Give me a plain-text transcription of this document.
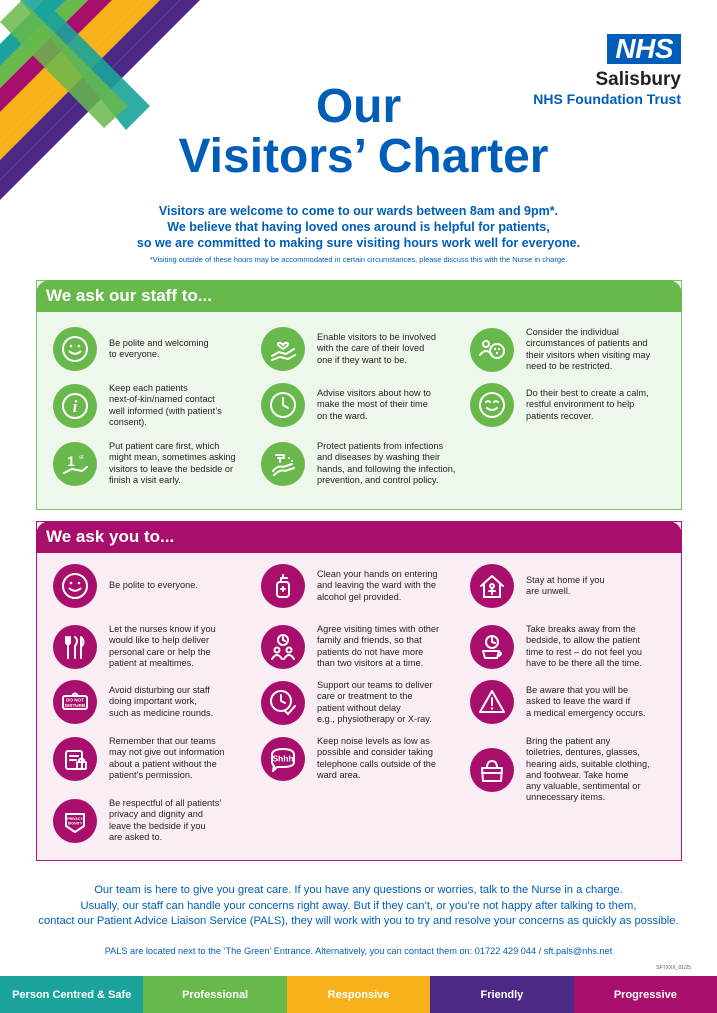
NHS
Salisbury
NHS Foundation Trust
Our
Visitors’ Charter
Visitors are welcome to come to our wards between 8am and 9pm*.
We believe that having loved ones around is helpful for patients,
so we are committed to making sure visiting hours work well for everyone.
*Visiting outside of these hours may be accommodated in certain circumstances, please discuss this with the Nurse in charge.
We ask our staff to...
Be polite and welcoming
to everyone.
Enable visitors to be involved
with the care of their loved
one if they want to be.
Consider the individual
circumstances of patients and
their visitors when visiting may
need to be restricted.
i
Keep each patients
next-of-kin/named contact
well informed (with patient’s
consent).
Advise visitors about how to
make the most of their time
on the ward.
Do their best to create a calm,
restful environment to help
patients recover.
1 st
Put patient care first, which
might mean, sometimes asking
visitors to leave the bedside or
finish a visit early.
Protect patients from infections
and diseases by washing their
hands, and following the infection,
prevention, and control policy.
We ask you to...
Be polite to everyone.
Clean your hands on entering
and leaving the ward with the
alcohol gel provided.
Stay at home if you
are unwell.
Let the nurses know if you
would like to help deliver
personal care or help the
patient at mealtimes.
Agree visiting times with other
family and friends, so that
patients do not have more
than two visitors at a time.
Take breaks away from the
bedside, to allow the patient
time to rest – do not feel you
have to be there all the time.
DO NOT
DISTURB
Avoid disturbing our staff
doing important work,
such as medicine rounds.
Support our teams to deliver
care or treatment to the
patient without delay
e.g., physiotherapy or X-ray.
Be aware that you will be
asked to leave the ward if
a medical emergency occurs.
Remember that our teams
may not give out information
about a patient without the
patient’s permission.
Shhh
Keep noise levels as low as
possible and consider taking
telephone calls outside of the
ward area.
Bring the patient any
toiletries, dentures, glasses,
hearing aids, suitable clothing,
and footwear. Take home
any valuable, sentimental or
unnecessary items.
PRIVACY
DIGNITY
Be respectful of all patients’
privacy and dignity and
leave the bedside if you
are asked to.
Our team is here to give you great care. If you have any questions or worries, talk to the Nurse in a charge.
Usually, our staff can handle your concerns right away. But if they can’t, or you’re not happy after talking to them,
contact our Patient Advice Liaison Service (PALS), they will work with you to try and resolve your concerns as quickly as possible.
PALS are located next to the ‘The Green’ Entrance. Alternatively, you can contact them on: 01722 429 044 / sft.pals@nhs.net
SFTXXX_01/25
Person Centred & Safe	Professional	Responsive	Friendly	Progressive
